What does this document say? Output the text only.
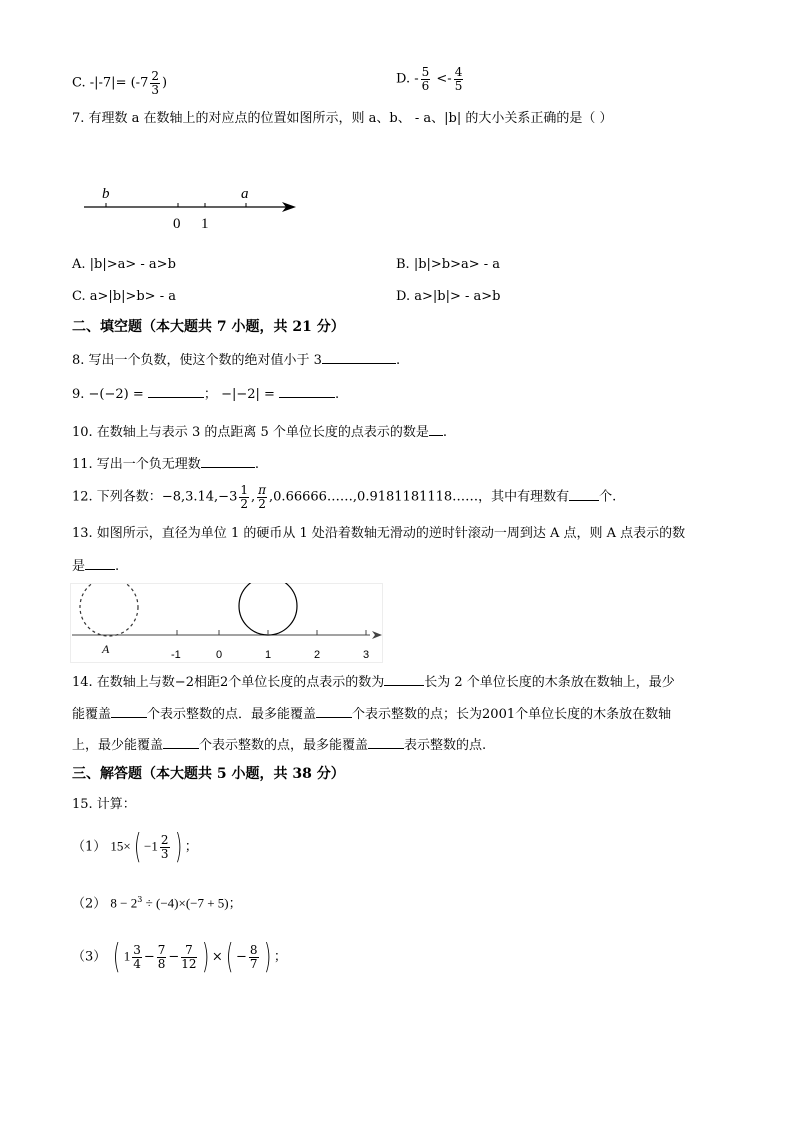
C. $-|-7|= (-7 \frac{2}{3}$ )	D. - $\frac{5}{6} <- \frac{4}{5}$
7. 有理数 a 在数轴上的对应点的位置如图所示，则 a、b、 - a、|b| 的大小关系正确的是（ ）
b	a
0 1
A. |b|>a> - a>b	B. |b|>b>a> - a
C. a>|b|>b> - a	D. a>|b|> - a>b
二、填空题（本大题共 7 小题，共 21 分）
8. 写出一个负数，使这个数的绝对值小于 3	.
9. −(−2) =	； −|−2| =	.
10. 在数轴上与表示 3 的点距离 5 个单位长度的点表示的数是 .
11. 写出一个负无理数	.
12. 下列各数：$-8,3.14,-3 \frac{1}{2}$ , $\frac{\pi}{2}$ ,0.66666……,0.9181181118……，其中有理数有 个.
13. 如图所示，直径为单位 1 的硬币从 1 处沿着数轴无滑动的逆时针滚动一周到达 A 点，则 A 点表示的数
是 .
A	-1	0	1	2	3
14. 在数轴上与数−2相距2个单位长度的点表示的数为	长为 2 个单位长度的木条放在数轴上，最少
能覆盖	个表示整数的点．最多能覆盖	个表示整数的点；长为2001个单位长度的木条放在数轴
上，最少能覆盖	个表示整数的点，最多能覆盖	表示整数的点.
三、解答题（本大题共 5 小题，共 38 分）
15. 计算：
（1） $15\times( -1 \frac{2}{3}$ ) ；
（2） $8 - 2^3 \div (-4)\times(-7 + 5)$；
（3） ( $1 \frac{3}{4} - \frac{7}{8} - \frac{7}{12}$ ) ×( − $\frac{8}{7}$ ) ；
